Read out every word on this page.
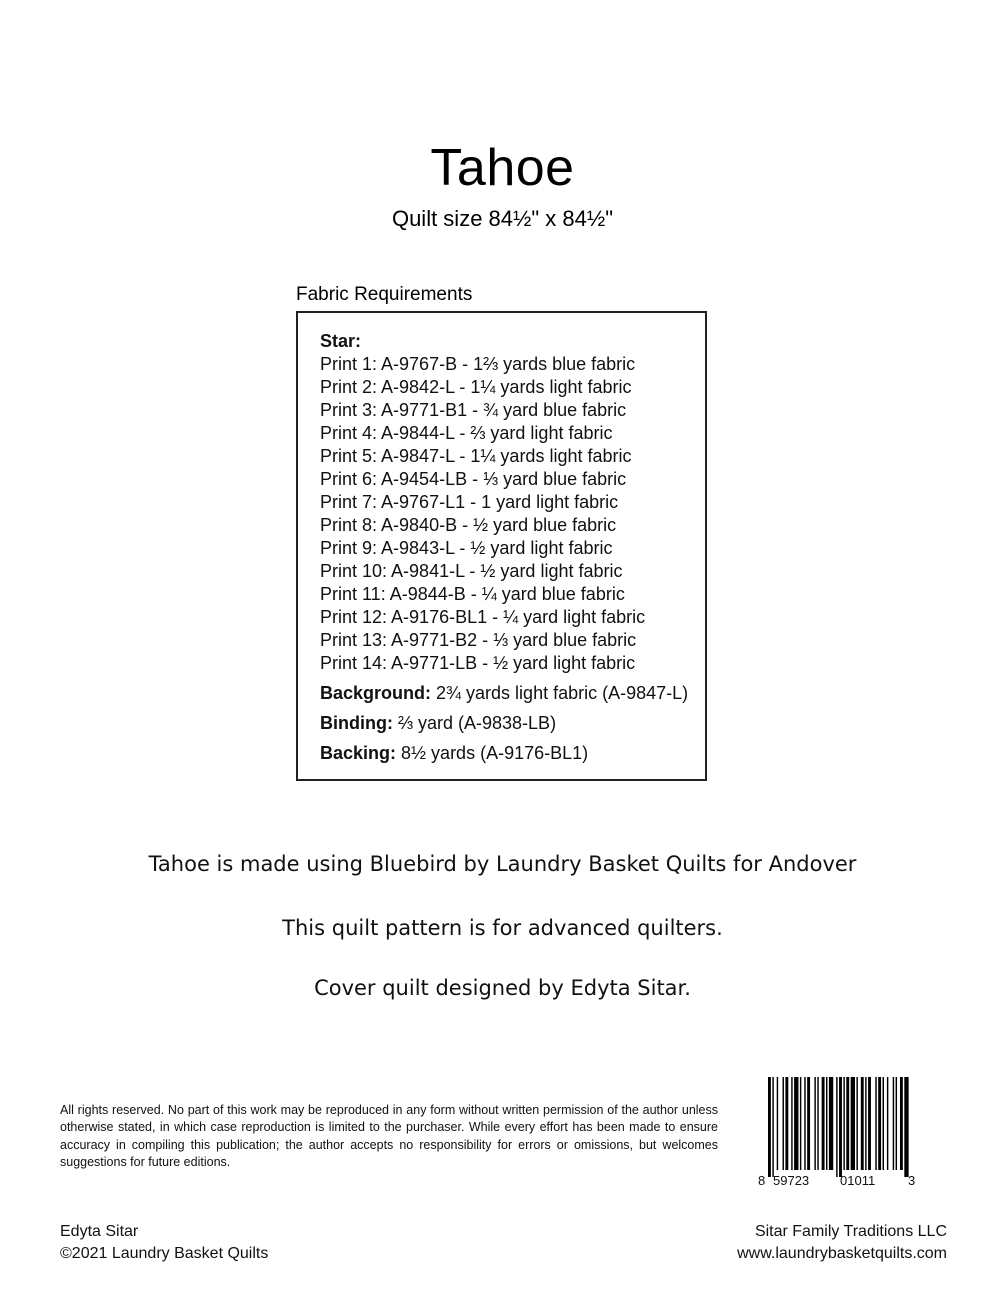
Tahoe
Quilt size 84½" x 84½"
Fabric Requirements
Star:
Print 1: A-9767-B - 1⅔ yards blue fabric
Print 2: A-9842-L - 1¼ yards light fabric
Print 3: A-9771-B1 - ¾ yard blue fabric
Print 4: A-9844-L - ⅔ yard light fabric
Print 5: A-9847-L - 1¼ yards light fabric
Print 6: A-9454-LB - ⅓ yard blue fabric
Print 7: A-9767-L1 - 1 yard light fabric
Print 8: A-9840-B - ½ yard blue fabric
Print 9: A-9843-L - ½ yard light fabric
Print 10: A-9841-L - ½ yard light fabric
Print 11: A-9844-B - ¼ yard blue fabric
Print 12: A-9176-BL1 - ¼ yard light fabric
Print 13: A-9771-B2 - ⅓ yard blue fabric
Print 14: A-9771-LB - ½ yard light fabric
Background: 2¾ yards light fabric (A-9847-L)
Binding: ⅔ yard (A-9838-LB)
Backing: 8½ yards (A-9176-BL1)
Tahoe is made using Bluebird by Laundry Basket Quilts for Andover
This quilt pattern is for advanced quilters.
Cover quilt designed by Edyta Sitar.
All rights reserved. No part of this work may be reproduced in any form without written permission of the author unless otherwise stated, in which case reproduction is limited to the purchaser. While every effort has been made to ensure accuracy in compiling this publication; the author accepts no responsibility for errors or omissions, but welcomes suggestions for future editions.
8 59723 01011	3
Edyta Sitar
©2021 Laundry Basket Quilts
Sitar Family Traditions LLC
www.laundrybasketquilts.com
